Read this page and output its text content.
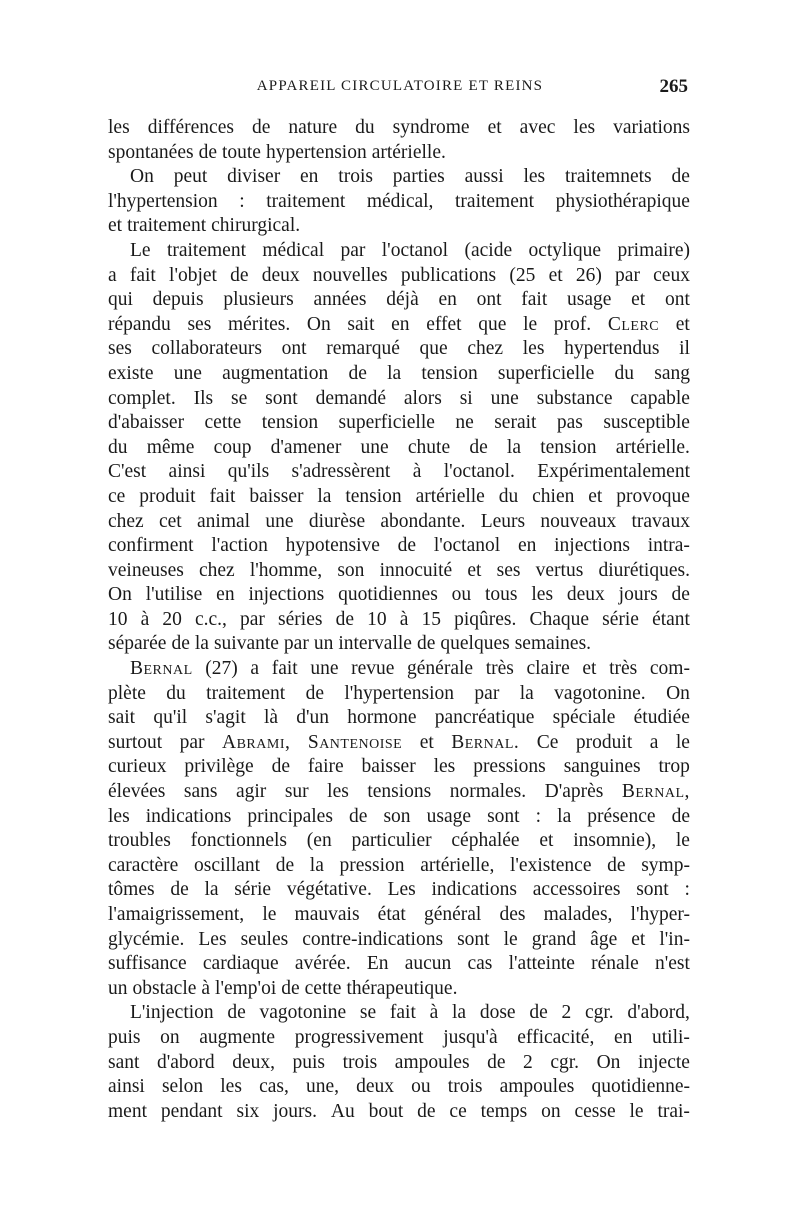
APPAREIL CIRCULATOIRE ET REINS	265
les différences de nature du syndrome et avec les variations
spontanées de toute hypertension artérielle.
On peut diviser en trois parties aussi les traitemnets de
l'hypertension : traitement médical, traitement physiothérapique
et traitement chirurgical.
Le traitement médical par l'octanol (acide octylique primaire)
a fait l'objet de deux nouvelles publications (25 et 26) par ceux
qui depuis plusieurs années déjà en ont fait usage et ont
répandu ses mérites. On sait en effet que le prof. Clerc et
ses collaborateurs ont remarqué que chez les hypertendus il
existe une augmentation de la tension superficielle du sang
complet. Ils se sont demandé alors si une substance capable
d'abaisser cette tension superficielle ne serait pas susceptible
du même coup d'amener une chute de la tension artérielle.
C'est ainsi qu'ils s'adressèrent à l'octanol. Expérimentalement
ce produit fait baisser la tension artérielle du chien et provoque
chez cet animal une diurèse abondante. Leurs nouveaux travaux
confirment l'action hypotensive de l'octanol en injections intra-
veineuses chez l'homme, son innocuité et ses vertus diurétiques.
On l'utilise en injections quotidiennes ou tous les deux jours de
10 à 20 c.c., par séries de 10 à 15 piqûres. Chaque série étant
séparée de la suivante par un intervalle de quelques semaines.
Bernal (27) a fait une revue générale très claire et très com-
plète du traitement de l'hypertension par la vagotonine. On
sait qu'il s'agit là d'un hormone pancréatique spéciale étudiée
surtout par Abrami, Santenoise et Bernal. Ce produit a le
curieux privilège de faire baisser les pressions sanguines trop
élevées sans agir sur les tensions normales. D'après Bernal,
les indications principales de son usage sont : la présence de
troubles fonctionnels (en particulier céphalée et insomnie), le
caractère oscillant de la pression artérielle, l'existence de symp-
tômes de la série végétative. Les indications accessoires sont :
l'amaigrissement, le mauvais état général des malades, l'hyper-
glycémie. Les seules contre-indications sont le grand âge et l'in-
suffisance cardiaque avérée. En aucun cas l'atteinte rénale n'est
un obstacle à l'emp'oi de cette thérapeutique.
L'injection de vagotonine se fait à la dose de 2 cgr. d'abord,
puis on augmente progressivement jusqu'à efficacité, en utili-
sant d'abord deux, puis trois ampoules de 2 cgr. On injecte
ainsi selon les cas, une, deux ou trois ampoules quotidienne-
ment pendant six jours. Au bout de ce temps on cesse le trai-
